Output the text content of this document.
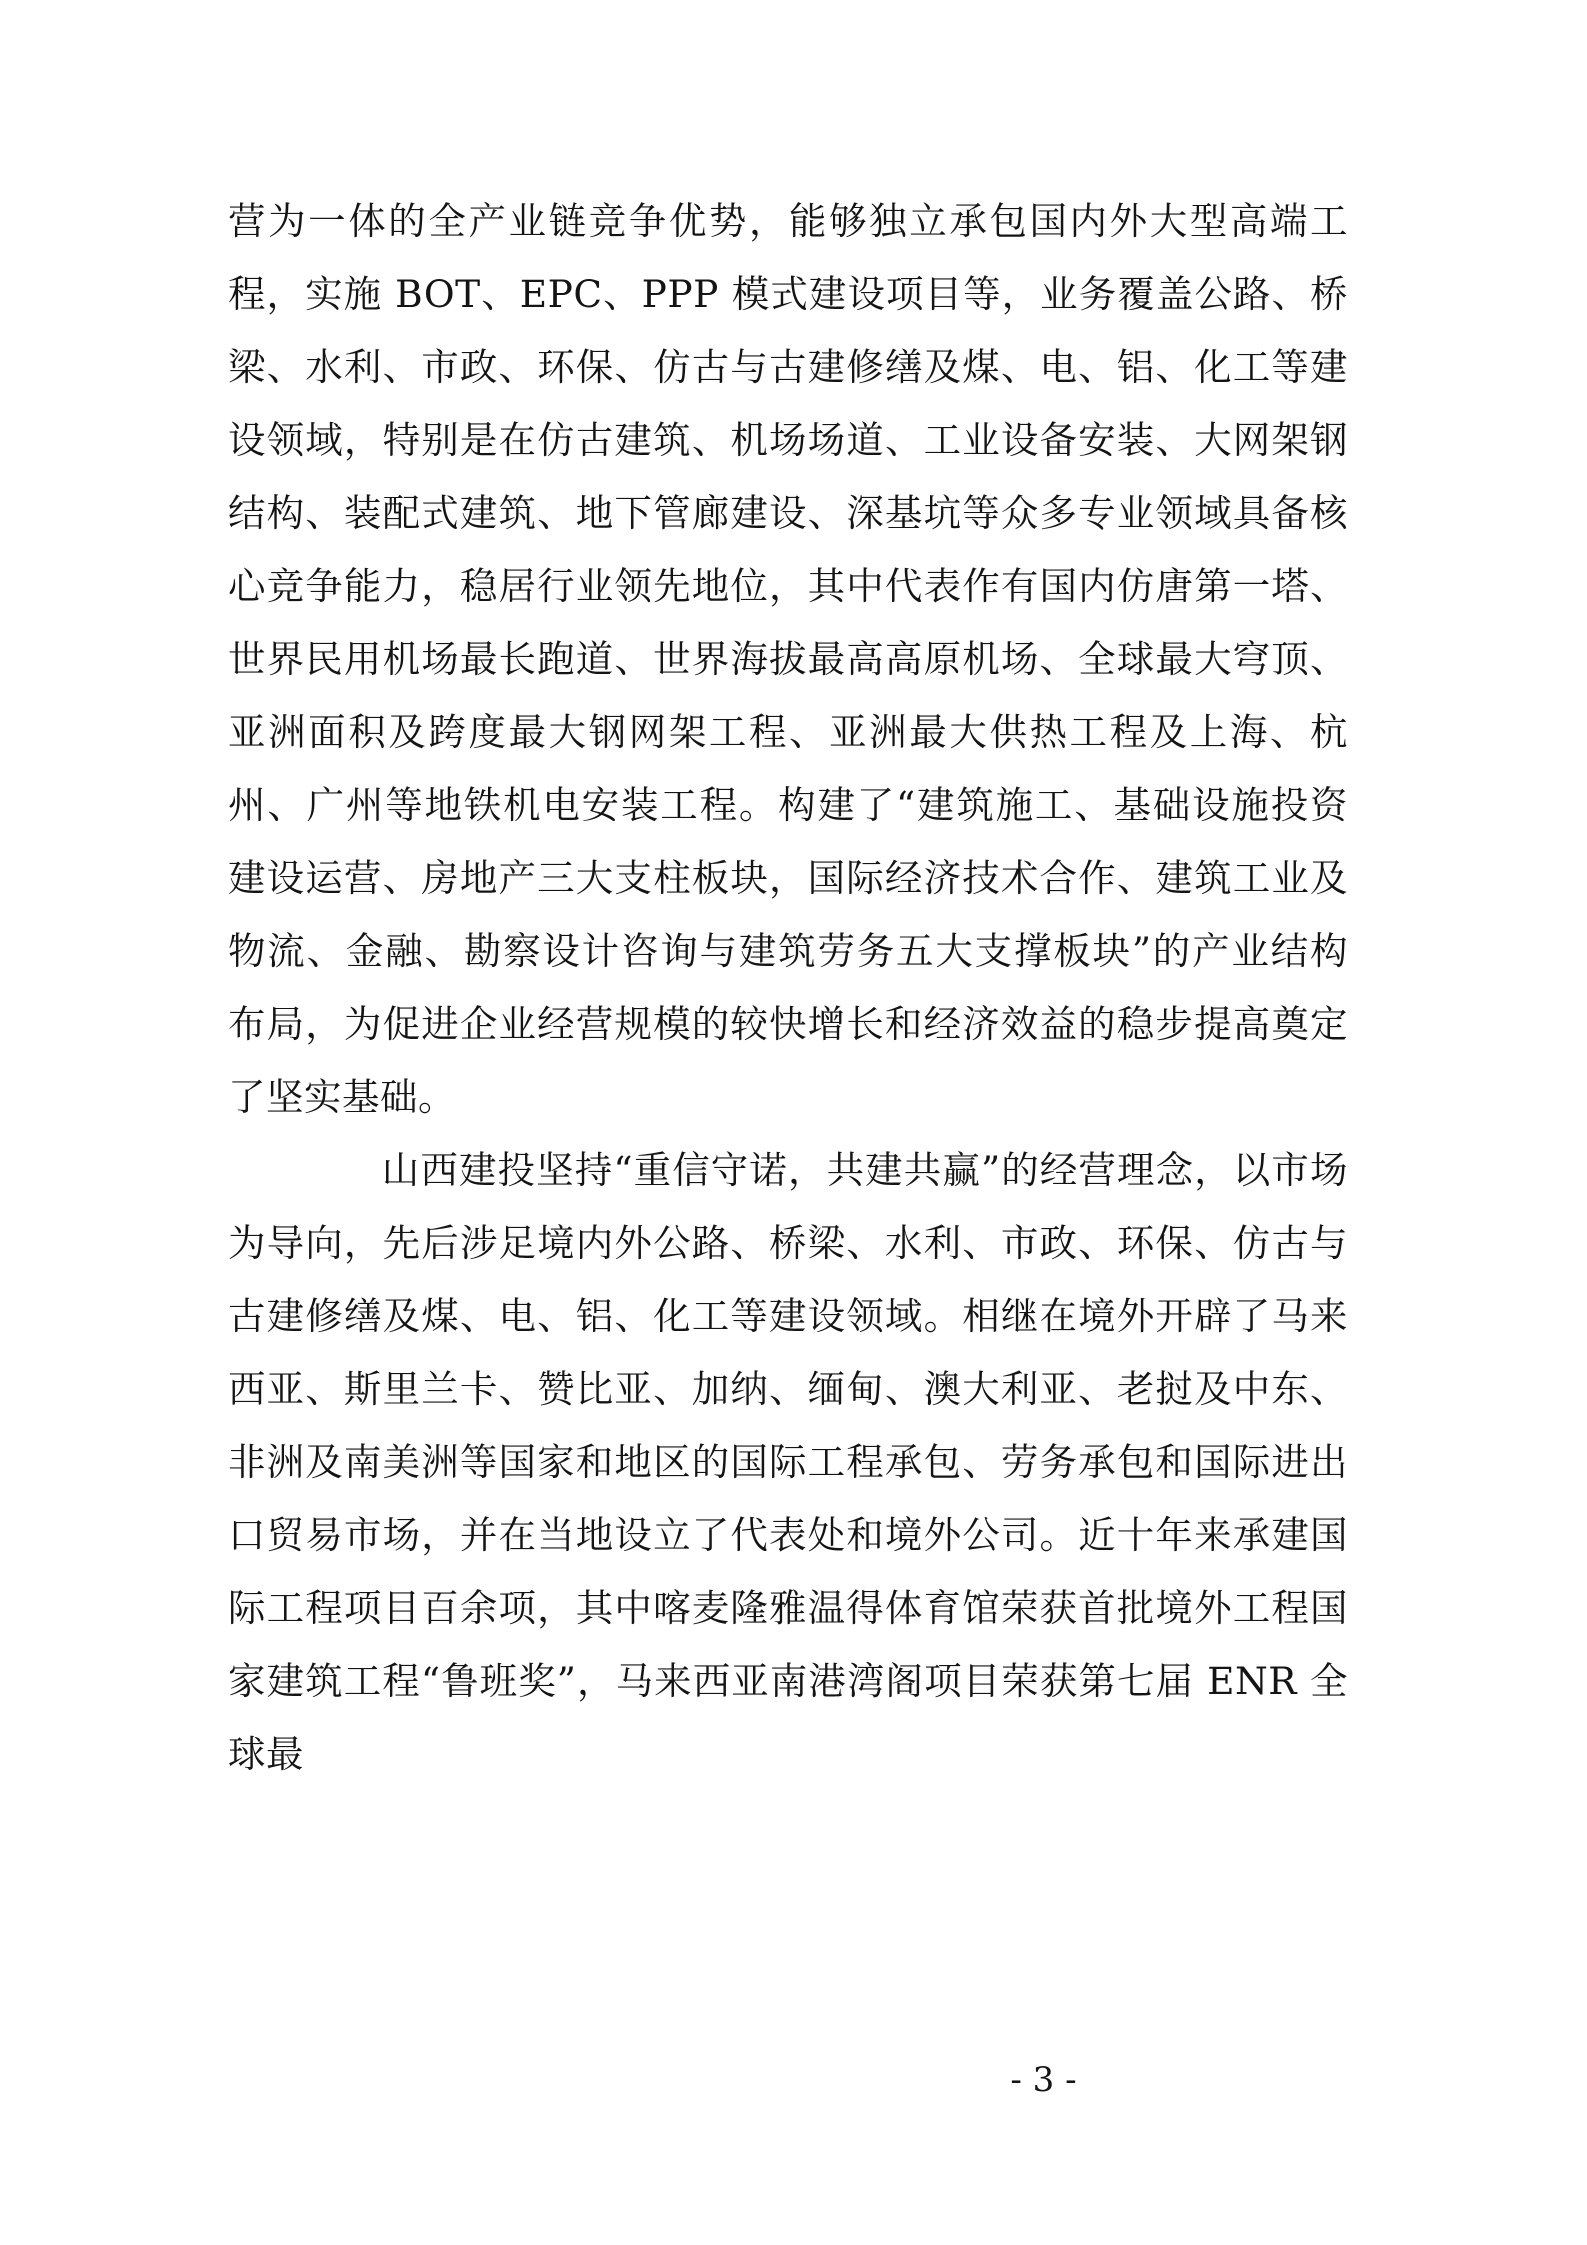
营为一体的全产业链竞争优势，能够独立承包国内外大型高端工程，实施 BOT、EPC、PPP 模式建设项目等，业务覆盖公路、桥梁、水利、市政、环保、仿古与古建修缮及煤、电、铝、化工等建设领域，特别是在仿古建筑、机场场道、工业设备安装、大网架钢结构、装配式建筑、地下管廊建设、深基坑等众多专业领域具备核心竞争能力，稳居行业领先地位，其中代表作有国内仿唐第一塔、世界民用机场最长跑道、世界海拔最高高原机场、全球最大穹顶、亚洲面积及跨度最大钢网架工程、亚洲最大供热工程及上海、杭州、广州等地铁机电安装工程。构建了“建筑施工、基础设施投资建设运营、房地产三大支柱板块，国际经济技术合作、建筑工业及物流、金融、勘察设计咨询与建筑劳务五大支撑板块”的产业结构布局，为促进企业经营规模的较快增长和经济效益的稳步提高奠定了坚实基础。

山西建投坚持“重信守诺，共建共赢”的经营理念，以市场为导向，先后涉足境内外公路、桥梁、水利、市政、环保、仿古与古建修缮及煤、电、铝、化工等建设领域。相继在境外开辟了马来西亚、斯里兰卡、赞比亚、加纳、缅甸、澳大利亚、老挝及中东、非洲及南美洲等国家和地区的国际工程承包、劳务承包和国际进出口贸易市场，并在当地设立了代表处和境外公司。近十年来承建国际工程项目百余项，其中喀麦隆雅温得体育馆荣获首批境外工程国家建筑工程“鲁班奖”，马来西亚南港湾阁项目荣获第七届 ENR 全球最

- 3 -
